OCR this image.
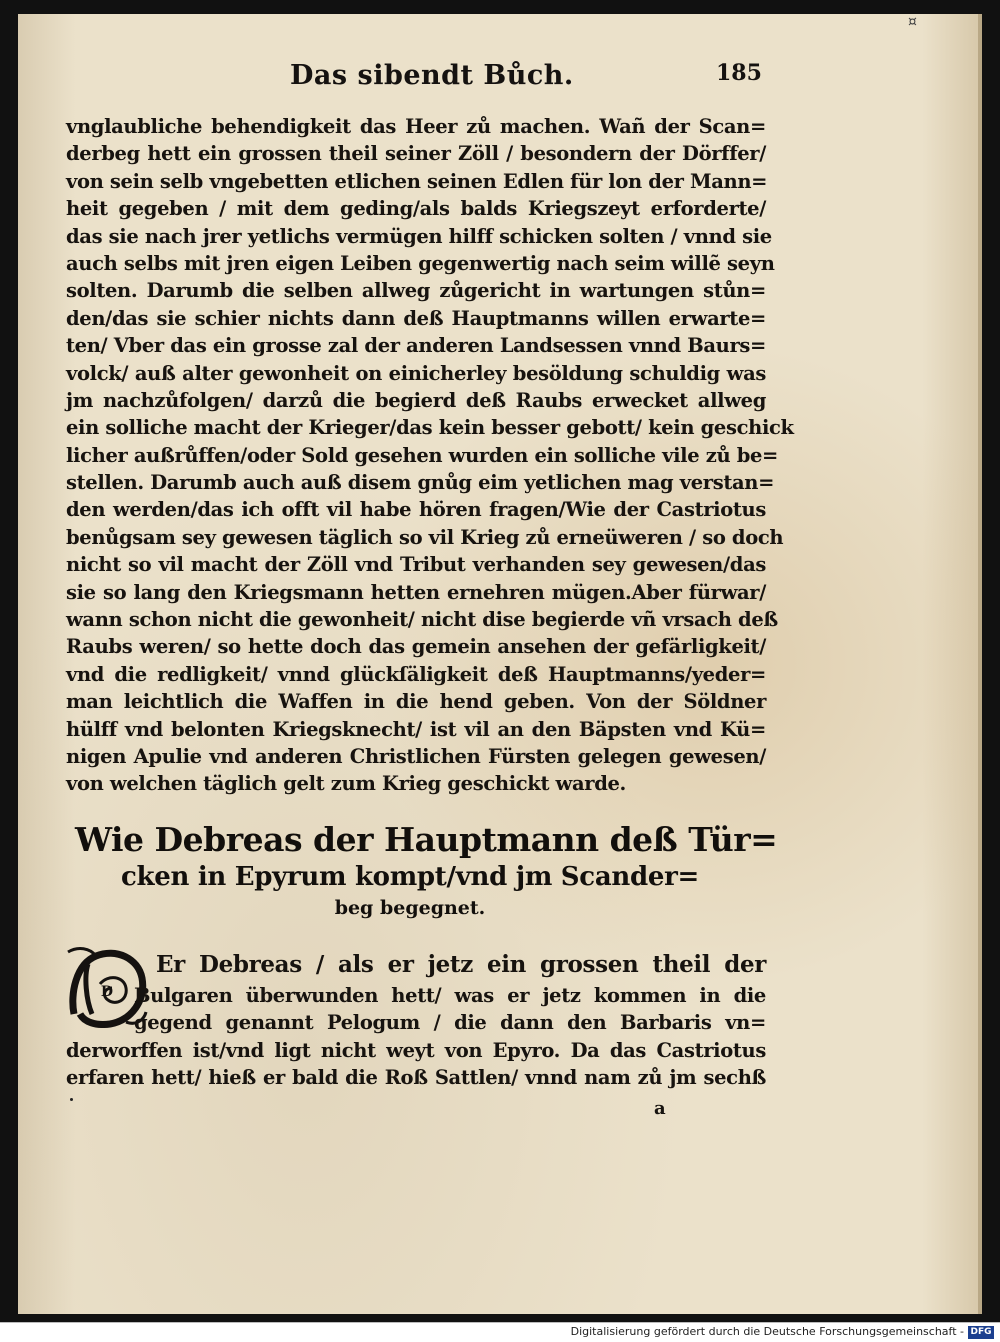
¤
Das sibendt Bůch.	185
vnglaubliche behendigkeit das Heer zů machen. Wañ der Scan=
derbeg hett ein grossen theil seiner Zöll / besondern der Dörffer/
von sein selb vngebetten etlichen seinen Edlen für lon der Mann=
heit gegeben / mit dem geding/als balds Kriegszeyt erforderte/
das sie nach jrer yetlichs vermügen hilff schicken solten / vnnd sie
auch selbs mit jren eigen Leiben gegenwertig nach seim willẽ seyn
solten. Darumb die selben allweg zůgericht in wartungen stůn=
den/das sie schier nichts dann deß Hauptmanns willen erwarte=
ten/ Vber das ein grosse zal der anderen Landsessen vnnd Baurs=
volck/ auß alter gewonheit on einicherley besöldung schuldig was
jm nachzůfolgen/ darzů die begierd deß Raubs erwecket allweg
ein solliche macht der Krieger/das kein besser gebott/ kein geschick
licher außrůffen/oder Sold gesehen wurden ein solliche vile zů be=
stellen. Darumb auch auß disem gnůg eim yetlichen mag verstan=
den werden/das ich offt vil habe hören fragen/Wie der Castriotus
benůgsam sey gewesen täglich so vil Krieg zů erneüweren / so doch
nicht so vil macht der Zöll vnd Tribut verhanden sey gewesen/das
sie so lang den Kriegsmann hetten ernehren mügen.Aber fürwar/
wann schon nicht die gewonheit/ nicht dise begierde vñ vrsach deß
Raubs weren/ so hette doch das gemein ansehen der gefärligkeit/
vnd die redligkeit/ vnnd glückſäligkeit deß Hauptmanns/yeder=
man leichtlich die Waffen in die hend geben. Von der Söldner
hülff vnd belonten Kriegsknecht/ ist vil an den Bäpsten vnd Kü=
nigen Apulie vnd anderen Christlichen Fürsten gelegen gewesen/
von welchen täglich gelt zum Krieg geschickt warde.
Wie Debreas der Hauptmann deß Tür=
cken in Epyrum kompt/vnd jm Scander=
beg begegnet.
D
Er Debreas / als er jetz ein grossen theil der
Bulgaren überwunden hett/ was er jetz kommen in die
gegend genannt Pelogum / die dann den Barbaris vn=
derworffen ist/vnd ligt nicht weyt von Epyro. Da das Castriotus
erfaren hett/ hieß er bald die Roß Sattlen/ vnnd nam zů jm sechß
a
Digitalisierung gefördert durch die Deutsche Forschungsgemeinschaft - DFG
